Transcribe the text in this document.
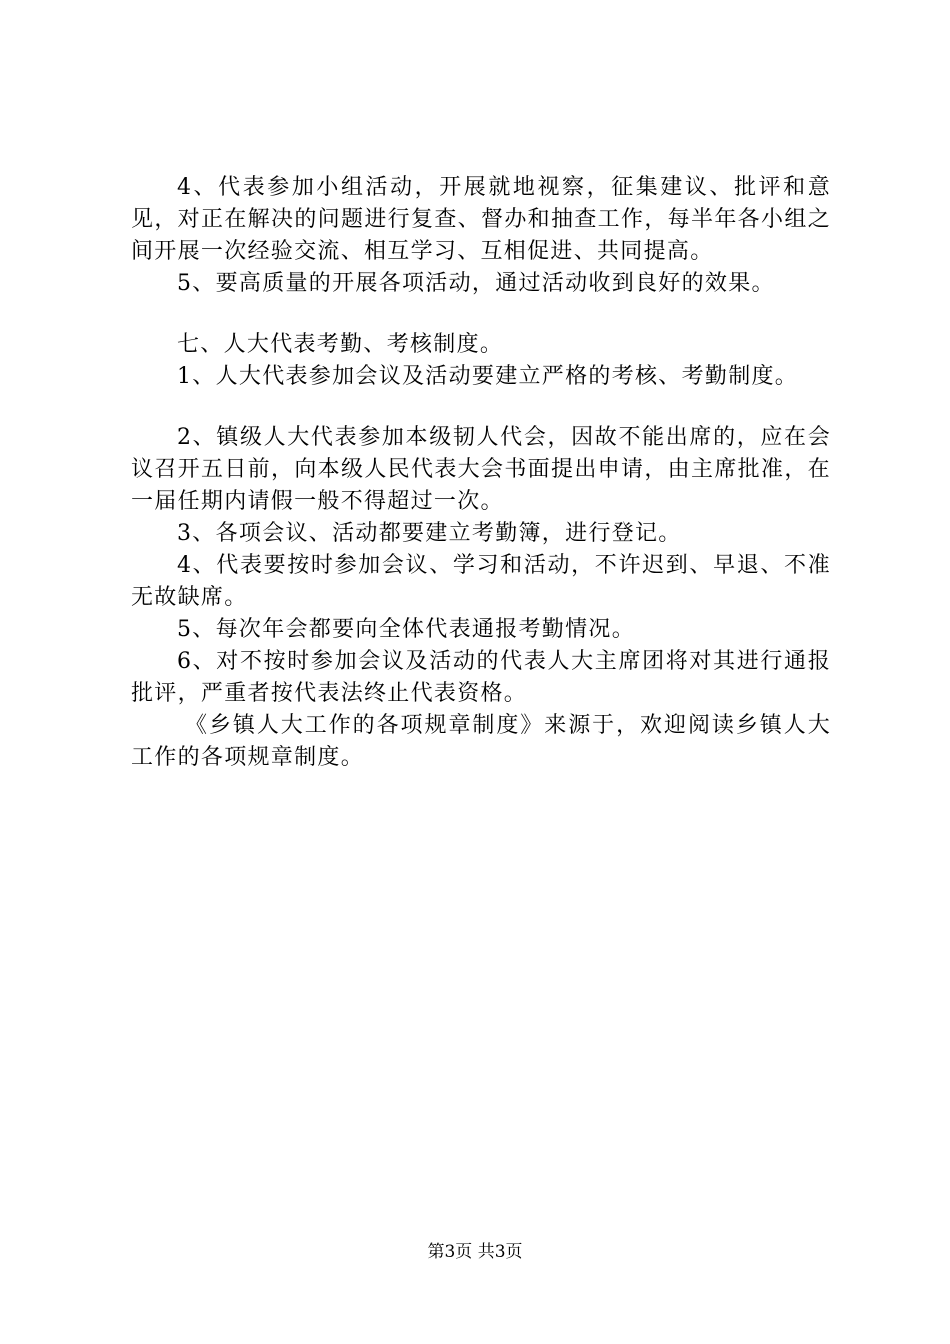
4、代表参加小组活动，开展就地视察，征集建议、批评和意见，对正在解决的问题进行复查、督办和抽查工作，每半年各小组之间开展一次经验交流、相互学习、互相促进、共同提高。

5、要高质量的开展各项活动，通过活动收到良好的效果。

七、人大代表考勤、考核制度。

1、人大代表参加会议及活动要建立严格的考核、考勤制度。

2、镇级人大代表参加本级韧人代会，因故不能出席的，应在会议召开五日前，向本级人民代表大会书面提出申请，由主席批准，在一届任期内请假一般不得超过一次。

3、各项会议、活动都要建立考勤簿，进行登记。

4、代表要按时参加会议、学习和活动，不许迟到、早退、不准无故缺席。

5、每次年会都要向全体代表通报考勤情况。

6、对不按时参加会议及活动的代表人大主席团将对其进行通报批评，严重者按代表法终止代表资格。

《乡镇人大工作的各项规章制度》来源于，欢迎阅读乡镇人大工作的各项规章制度。

第3页 共3页
